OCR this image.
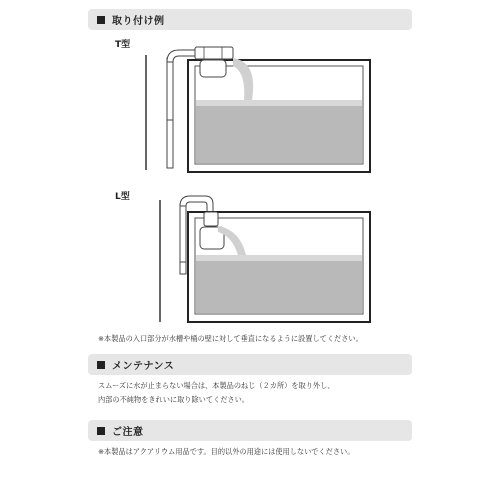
取り付け例
T型
L型
※本製品の入口部分が水槽や桶の壁に対して垂直になるように設置してください。
メンテナンス
スムーズに水が止まらない場合は、本製品のねじ（２カ所）を取り外し、
内部の不純物をきれいに取り除いてください。
ご注意
※本製品はアクアリウム用品です。目的以外の用途には使用しないでください。
